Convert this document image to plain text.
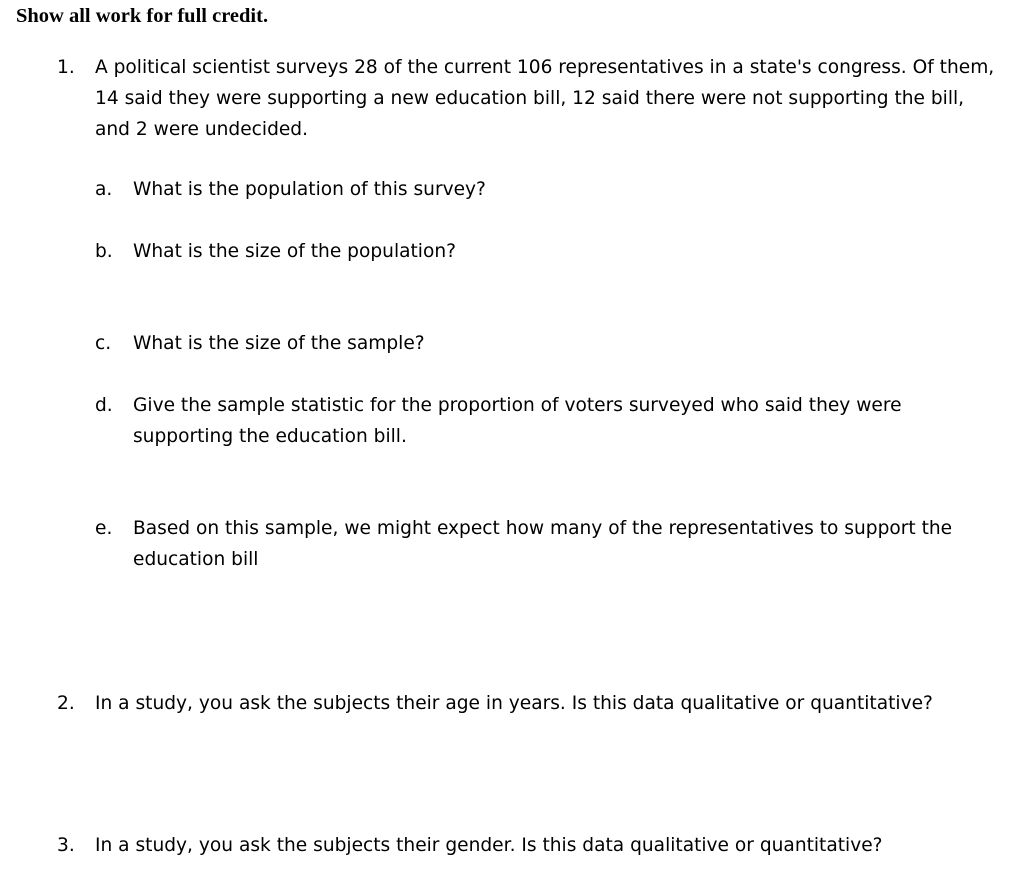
Show all work for full credit.
1. A political scientist surveys 28 of the current 106 representatives in a state's congress. Of them,
14 said they were supporting a new education bill, 12 said there were not supporting the bill,
and 2 were undecided.
a. What is the population of this survey?
b. What is the size of the population?
c. What is the size of the sample?
d. Give the sample statistic for the proportion of voters surveyed who said they were
supporting the education bill.
e. Based on this sample, we might expect how many of the representatives to support the
education bill
2. In a study, you ask the subjects their age in years. Is this data qualitative or quantitative?
3. In a study, you ask the subjects their gender. Is this data qualitative or quantitative?
